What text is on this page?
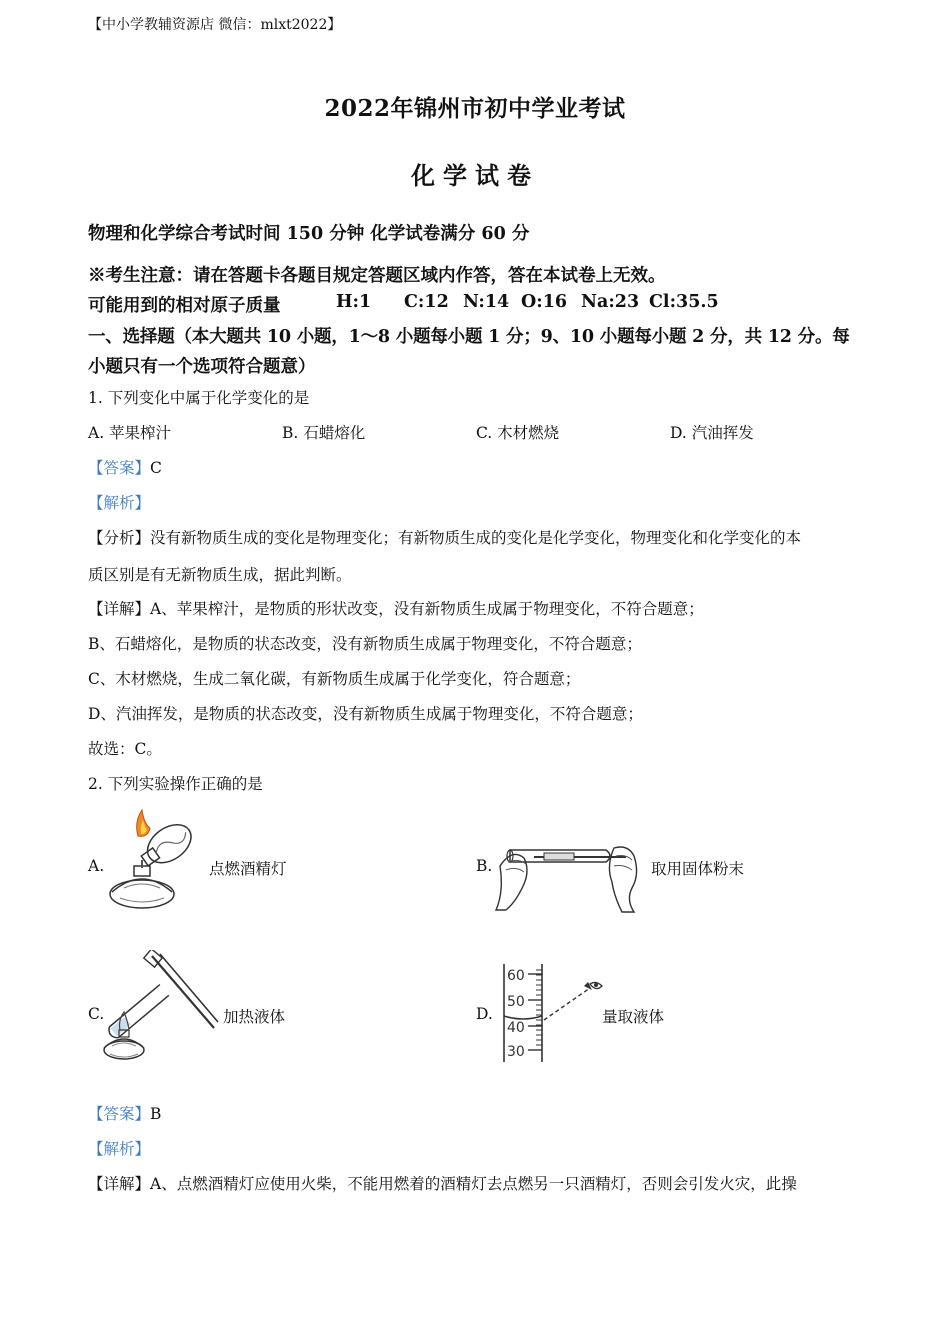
【中小学教辅资源店 微信：mlxt2022】
2022年锦州市初中学业考试
化学试卷
物理和化学综合考试时间 150 分钟 化学试卷满分 60 分
※考生注意：请在答题卡各题目规定答题区域内作答，答在本试卷上无效。
可能用到的相对原子质量	H:1 C:12 N:14 O:16 Na:23 Cl:35.5
一、选择题（本大题共 10 小题，1～8 小题每小题 1 分；9、10 小题每小题 2 分，共 12 分。每
小题只有一个选项符合题意）
1. 下列变化中属于化学变化的是
A. 苹果榨汁	B. 石蜡熔化	C. 木材燃烧	D. 汽油挥发
【答案】C
【解析】
【分析】没有新物质生成的变化是物理变化；有新物质生成的变化是化学变化，物理变化和化学变化的本
质区别是有无新物质生成，据此判断。
【详解】A、苹果榨汁，是物质的形状改变，没有新物质生成属于物理变化，不符合题意；
B、石蜡熔化，是物质的状态改变，没有新物质生成属于物理变化，不符合题意；
C、木材燃烧，生成二氧化碳，有新物质生成属于化学变化，符合题意；
D、汽油挥发，是物质的状态改变，没有新物质生成属于物理变化，不符合题意；
故选：C。
2. 下列实验操作正确的是
A.	点燃酒精灯	B.	取用固体粉末
C.	加热液体	D.
60
50
40
30
量取液体
【答案】B
【解析】
【详解】A、点燃酒精灯应使用火柴，不能用燃着的酒精灯去点燃另一只酒精灯，否则会引发火灾，此操
